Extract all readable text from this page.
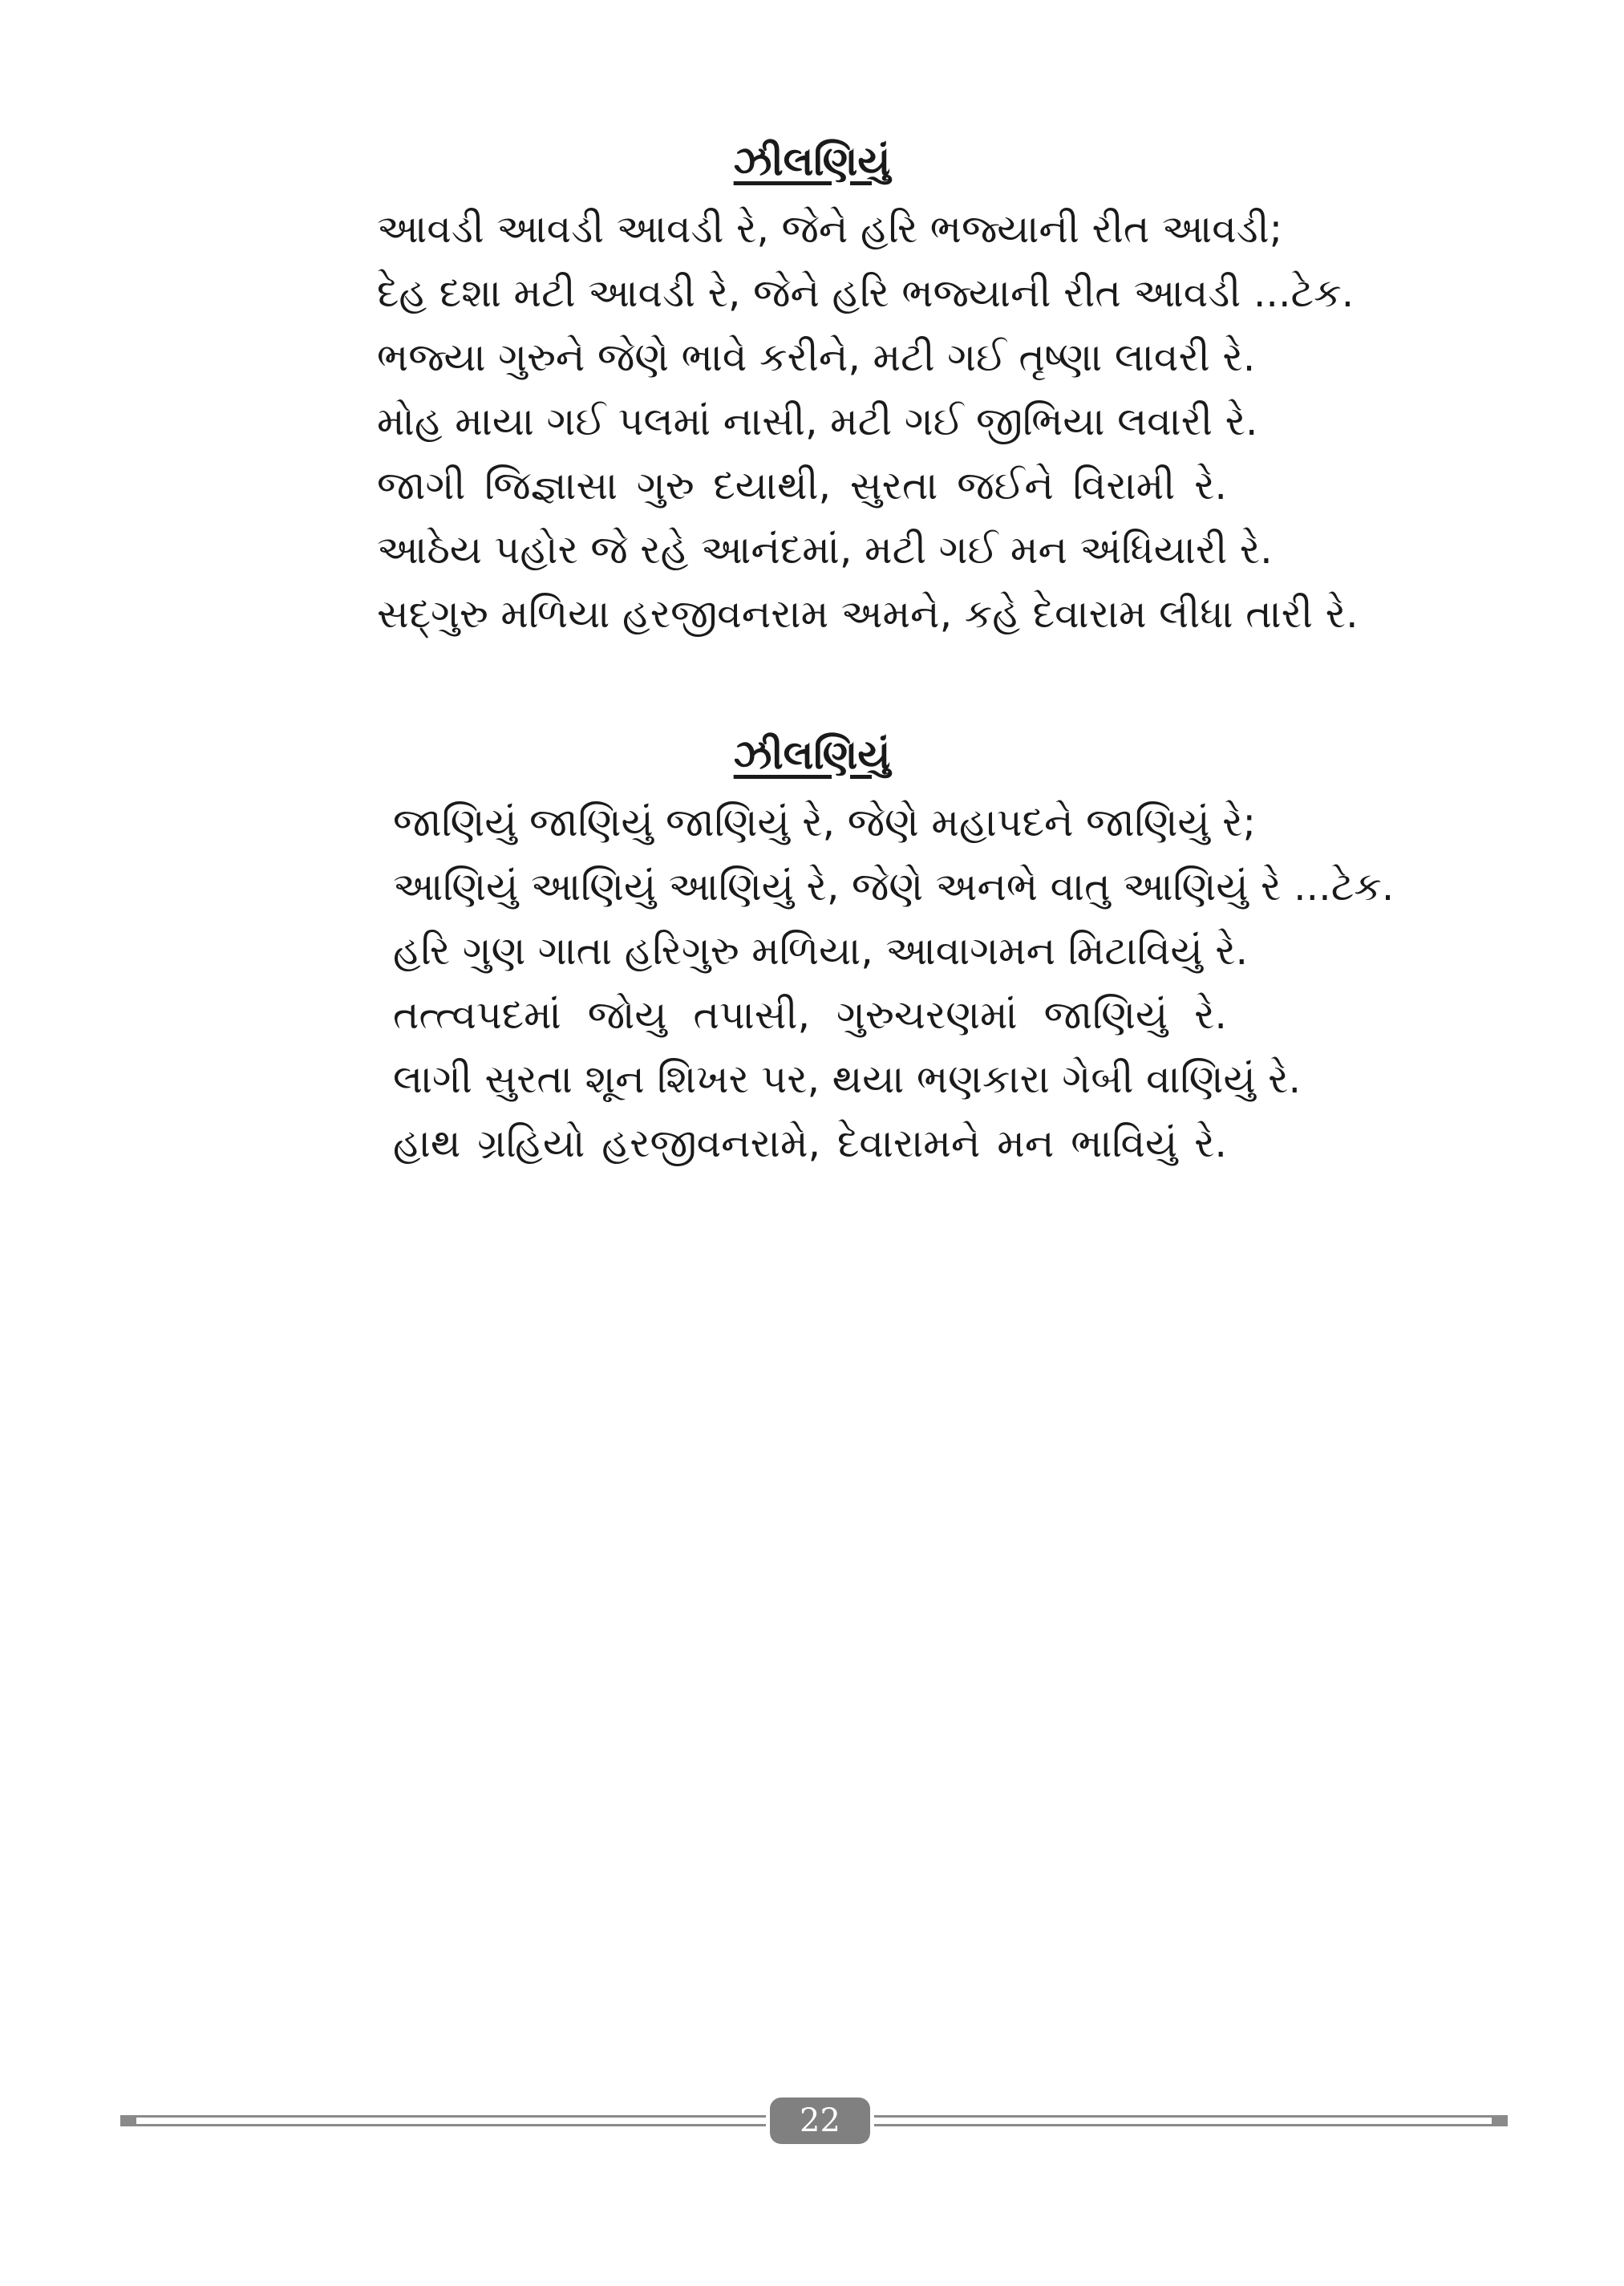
ઝીલણિયું
આવડી આવડી આવડી રે, જેને હરિ ભજ્યાની રીત આવડી;
દેહ દશા મટી આવડી રે, જેને હરિ ભજ્યાની રીત આવડી ...ટેક.
ભજ્યા ગુરુને જેણે ભાવે કરીને, મટી ગઈ તૃષ્ણા લાવરી રે.
મોહ માયા ગઈ પલમાં નાસી, મટી ગઈ જીભિયા લવારી રે.
જાગી જિજ્ઞાસા ગુરુ દયાથી, સુરતા જઈને વિરામી રે.
આઠેય પહોર જે રહે આનંદમાં, મટી ગઈ મન અંધિયારી રે.
સદ્‌ગુરુ મળિયા હરજીવનરામ અમને, કહે દેવારામ લીધા તારી રે.
ઝીલણિયું
જાણિયું જાણિયું જાણિયું રે, જેણે મહાપદને જાણિયું રે;
આણિયું આણિયું આણિયું રે, જેણે અનભે વાતુ આણિયું રે ...ટેક.
હરિ ગુણ ગાતા હરિગુરુ મળિયા, આવાગમન મિટાવિયું રે.
તત્ત્વપદમાં જોયુ તપાસી, ગુરુચરણમાં જાણિયું રે.
લાગી સુરતા શૂન શિખર પર, થયા ભણકારા ગેબી વાણિયું રે.
હાથ ગ્રહિયો હરજીવનરામે, દેવારામને મન ભાવિયું રે.
22
